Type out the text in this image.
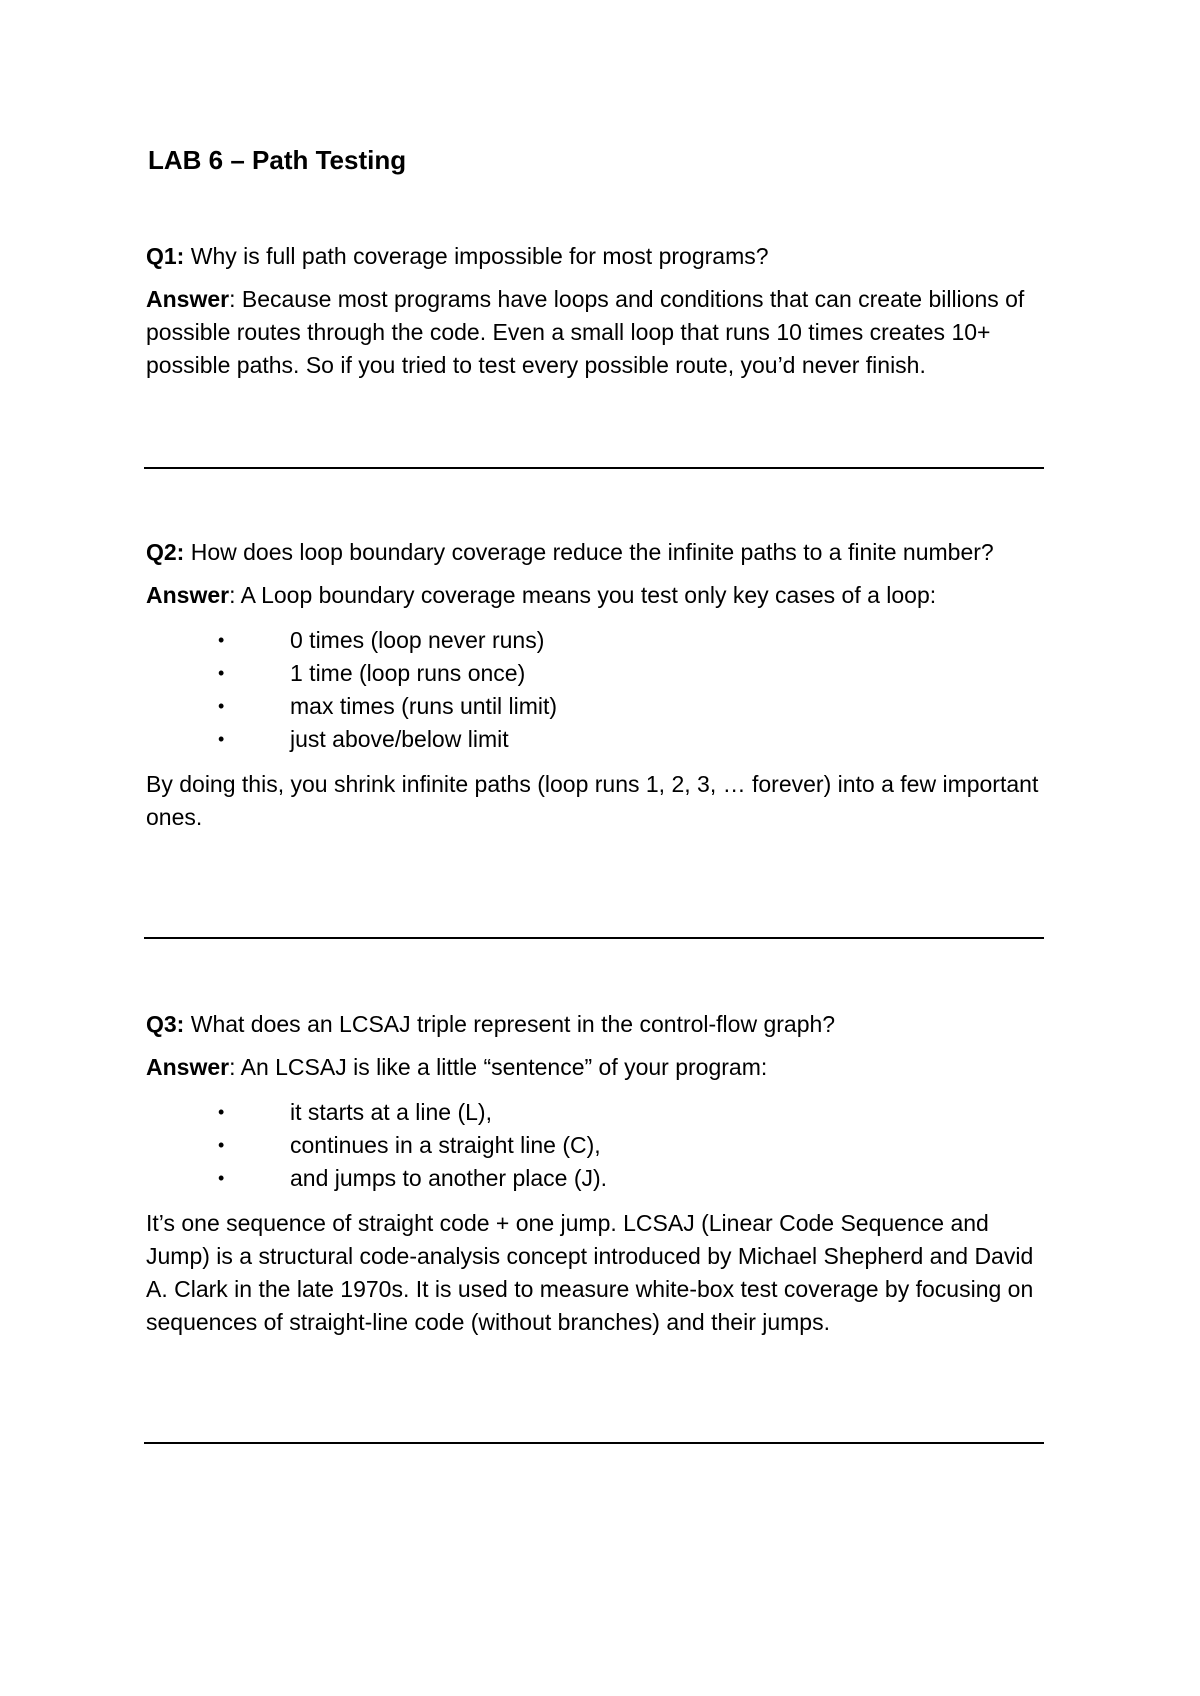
LAB 6 – Path Testing

Q1: Why is full path coverage impossible for most programs?

Answer: Because most programs have loops and conditions that can create billions of possible routes through the code. Even a small loop that runs 10 times creates 10+ possible paths. So if you tried to test every possible route, you’d never finish.

Q2: How does loop boundary coverage reduce the infinite paths to a finite number?

Answer: A Loop boundary coverage means you test only key cases of a loop:

•	0 times (loop never runs)
•	1 time (loop runs once)
•	max times (runs until limit)
•	just above/below limit

By doing this, you shrink infinite paths (loop runs 1, 2, 3, … forever) into a few important ones.

Q3: What does an LCSAJ triple represent in the control-flow graph?

Answer: An LCSAJ is like a little “sentence” of your program:

•	it starts at a line (L),
•	continues in a straight line (C),
•	and jumps to another place (J).

It’s one sequence of straight code + one jump. LCSAJ (Linear Code Sequence and Jump) is a structural code-analysis concept introduced by Michael Shepherd and David A. Clark in the late 1970s. It is used to measure white-box test coverage by focusing on sequences of straight-line code (without branches) and their jumps.
